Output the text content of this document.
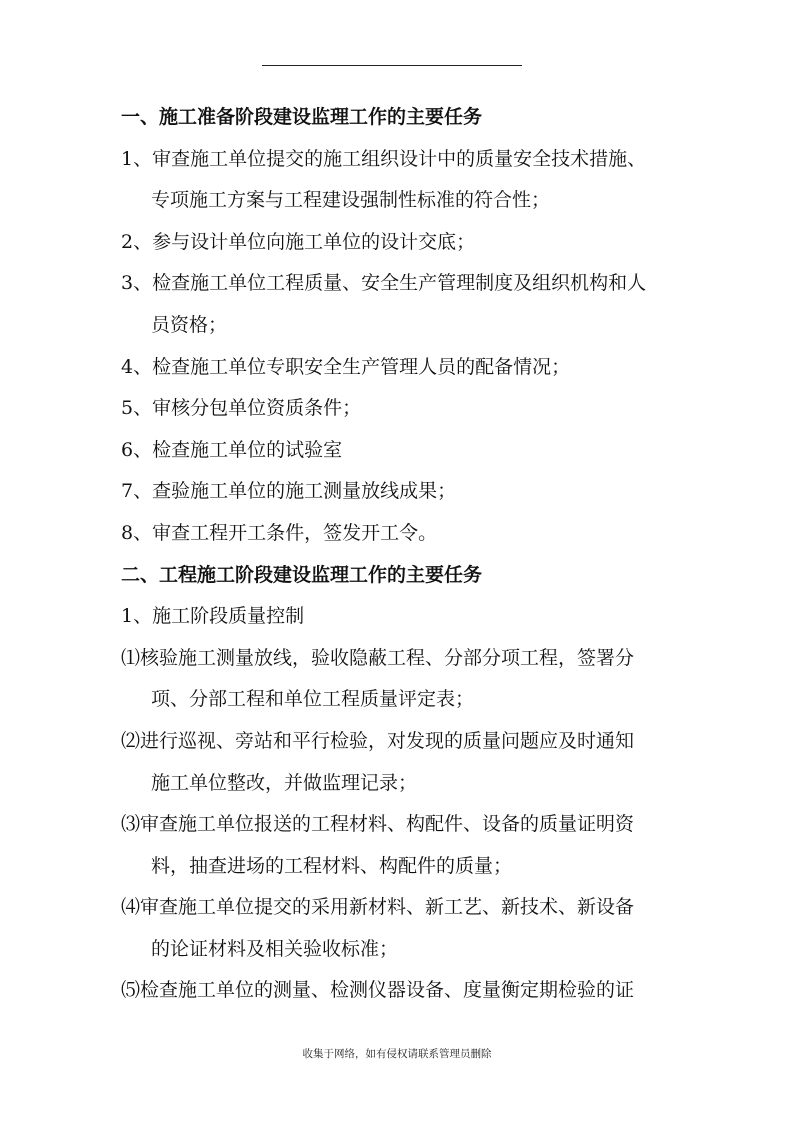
一、施工准备阶段建设监理工作的主要任务
1、审查施工单位提交的施工组织设计中的质量安全技术措施、
专项施工方案与工程建设强制性标准的符合性；
2、参与设计单位向施工单位的设计交底；
3、检查施工单位工程质量、安全生产管理制度及组织机构和人
员资格；
4、检查施工单位专职安全生产管理人员的配备情况；
5、审核分包单位资质条件；
6、检查施工单位的试验室
7、查验施工单位的施工测量放线成果；
8、审查工程开工条件，签发开工令。
二、工程施工阶段建设监理工作的主要任务
1、施工阶段质量控制
⑴核验施工测量放线，验收隐蔽工程、分部分项工程，签署分
项、分部工程和单位工程质量评定表；
⑵进行巡视、旁站和平行检验，对发现的质量问题应及时通知
施工单位整改，并做监理记录；
⑶审查施工单位报送的工程材料、构配件、设备的质量证明资
料，抽查进场的工程材料、构配件的质量；
⑷审查施工单位提交的采用新材料、新工艺、新技术、新设备
的论证材料及相关验收标准；
⑸检查施工单位的测量、检测仪器设备、度量衡定期检验的证
收集于网络，如有侵权请联系管理员删除
